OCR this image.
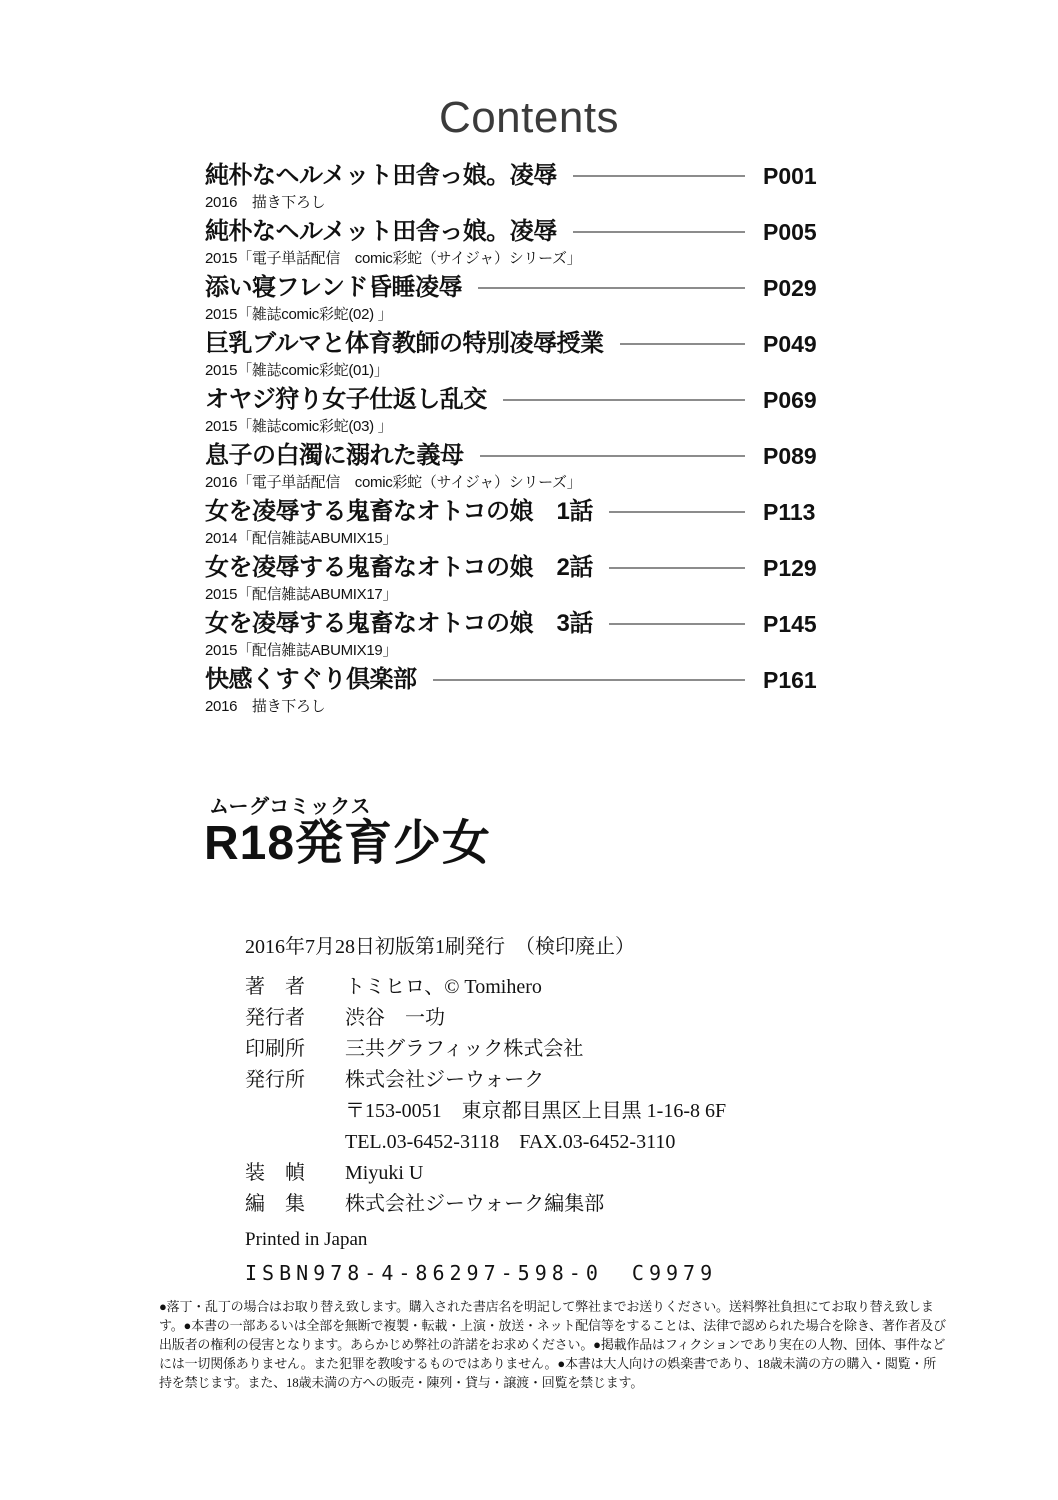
Contents
純朴なヘルメット田舎っ娘。凌辱	P001
2016　描き下ろし
純朴なヘルメット田舎っ娘。凌辱	P005
2015「電子単話配信　comic彩蛇（サイジャ）シリーズ」
添い寝フレンド昏睡凌辱	P029
2015「雑誌comic彩蛇(02) 」
巨乳ブルマと体育教師の特別凌辱授業	P049
2015「雑誌comic彩蛇(01)」
オヤジ狩り女子仕返し乱交	P069
2015「雑誌comic彩蛇(03) 」
息子の白濁に溺れた義母	P089
2016「電子単話配信　comic彩蛇（サイジャ）シリーズ」
女を凌辱する鬼畜なオトコの娘　1話	P113
2014「配信雑誌ABUMIX15」
女を凌辱する鬼畜なオトコの娘　2話	P129
2015「配信雑誌ABUMIX17」
女を凌辱する鬼畜なオトコの娘　3話	P145
2015「配信雑誌ABUMIX19」
快感くすぐり倶楽部	P161
2016　描き下ろし
ムーグコミックス
R18発育少女
2016年7月28日初版第1刷発行　（検印廃止）
著　者 トミヒロ、© Tomihero
発行者 渋谷　一功
印刷所 三共グラフィック株式会社
発行所 株式会社ジーウォーク
〒153-0051　東京都目黒区上目黒 1-16-8 6F
TEL.03-6452-3118　FAX.03-6452-3110
装　幀 Miyuki U
編　集 株式会社ジーウォーク編集部
Printed in Japan
ISBN978-4-86297-598-0 C9979
●落丁・乱丁の場合はお取り替え致します。購入された書店名を明記して弊社までお送りください。送料弊社負担にてお取り替え致しま
す。●本書の一部あるいは全部を無断で複製・転載・上演・放送・ネット配信等をすることは、法律で認められた場合を除き、著作者及び
出版者の権利の侵害となります。あらかじめ弊社の許諾をお求めください。●掲載作品はフィクションであり実在の人物、団体、事件など
には一切関係ありません。また犯罪を教唆するものではありません。●本書は大人向けの娯楽書であり、18歳未満の方の購入・閲覧・所
持を禁じます。また、18歳未満の方への販売・陳列・貸与・譲渡・回覧を禁じます。
